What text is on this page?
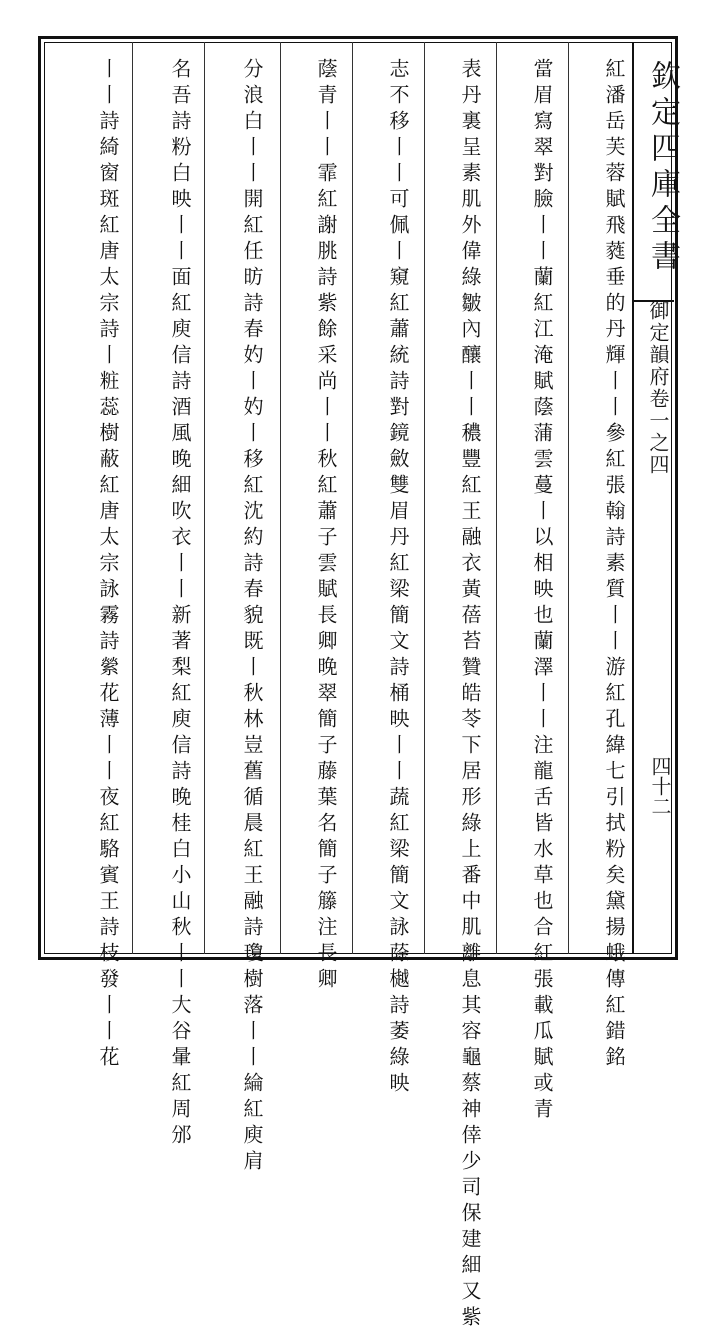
欽定四庫全書
御定韻府卷一之四
四十二
紅潘岳芙蓉賦飛蕤垂的丹輝丨丨參紅張翰詩素質丨丨游紅孔緯七引拭粉矣黛揚蛾傳紅錯銘
當眉寫翠對臉丨丨蘭紅江淹賦蔭蒲雲蔓丨以相映也蘭澤丨丨注龍舌皆水草也合紅張載瓜賦或青
表丹裏呈素肌外偉綠皺內釀丨丨穠豐紅王融衣黃蓓苔贊皓苓下居形綠上番中肌離息其容龜蔡神倖少司保建細又紫
志不移丨丨可佩丨窺紅蕭統詩對鏡斂雙眉丹紅梁簡文詩桶映丨丨蔬紅梁簡文詠蒢樾詩萎綠映
蔭青丨丨霏紅謝朓詩紫餘采尚丨丨秋紅蕭子雲賦長卿晚翠簡子藤葉名簡子籐注長卿
分浪白丨丨開紅任昉詩春妁丨妁丨移紅沈約詩春貌既丨秋林豈舊循晨紅王融詩瓊樹落丨丨綸紅庾肩
名吾詩粉白映丨丨面紅庾信詩酒風晚細吹衣丨丨新著梨紅庾信詩晚桂白小山秋丨丨大谷暈紅周邠
丨丨詩綺窗斑紅唐太宗詩丨粧蕊樹蔽紅唐太宗詠霧詩縈花薄丨丨夜紅駱賓王詩枝發丨丨花
